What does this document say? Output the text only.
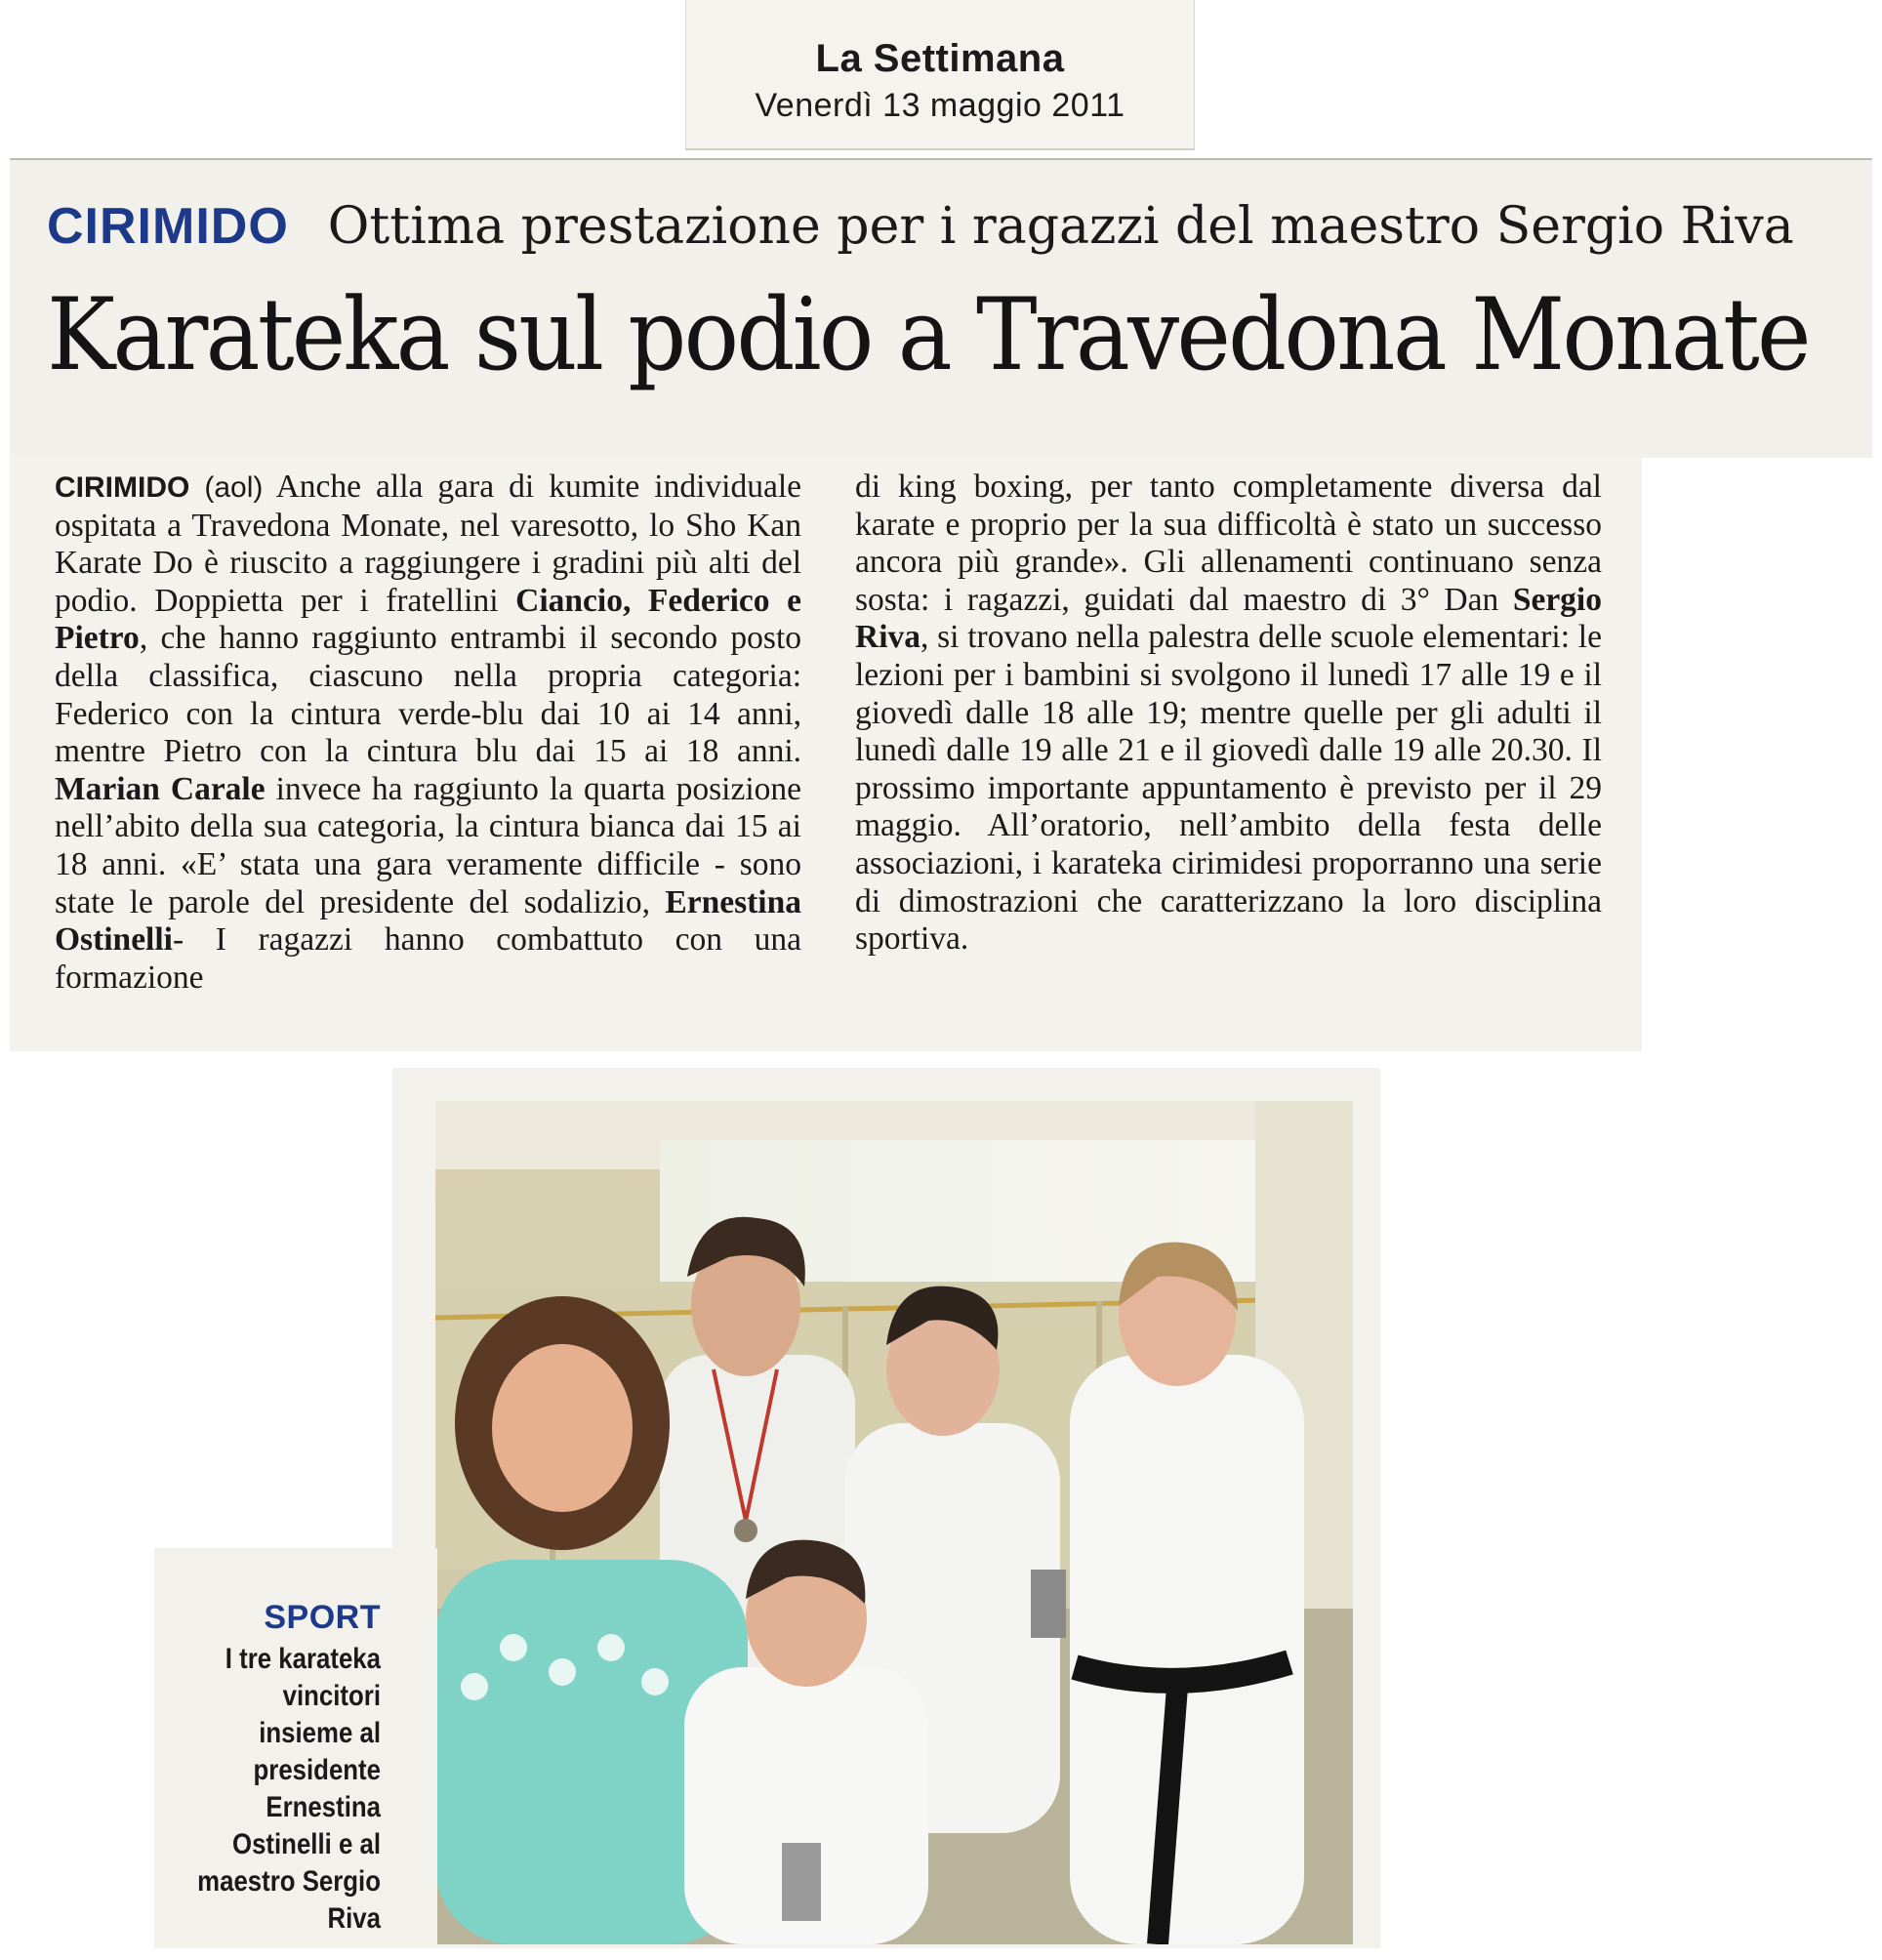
La Settimana
Venerdì 13 maggio 2011
CIRIMIDO Ottima prestazione per i ragazzi del maestro Sergio Riva
Karateka sul podio a Travedona Monate
CIRIMIDO (aol) Anche alla gara di kumite individuale ospitata a Travedona Monate, nel varesotto, lo Sho Kan Karate Do è riuscito a raggiungere i gradini più alti del podio. Doppietta per i fratellini Ciancio, Federico e Pietro, che hanno raggiunto entrambi il secondo posto della classifica, ciascuno nella propria categoria: Federico con la cintura verde-blu dai 10 ai 14 anni, mentre Pietro con la cintura blu dai 15 ai 18 anni. Marian Carale invece ha raggiunto la quarta posizione nell’abito della sua categoria, la cintura bianca dai 15 ai 18 anni. «E’ stata una gara veramente difficile - sono state le parole del presidente del sodalizio, Ernestina Ostinelli- I ragazzi hanno combattuto con una formazione
di king boxing, per tanto completamente diversa dal karate e proprio per la sua difficoltà è stato un successo ancora più grande». Gli allenamenti continuano senza sosta: i ragazzi, guidati dal maestro di 3° Dan Sergio Riva, si trovano nella palestra delle scuole elementari: le lezioni per i bambini si svolgono il lunedì 17 alle 19 e il giovedì dalle 18 alle 19; mentre quelle per gli adulti il lunedì dalle 19 alle 21 e il giovedì dalle 19 alle 20.30. Il prossimo importante appuntamento è previsto per il 29 maggio. All’oratorio, nell’ambito della festa delle associazioni, i karateka cirimidesi proporranno una serie di dimostrazioni che caratterizzano la loro disciplina sportiva.
SPORT
I tre karateka vincitori insieme al presidente Ernestina Ostinelli e al maestro Sergio Riva
